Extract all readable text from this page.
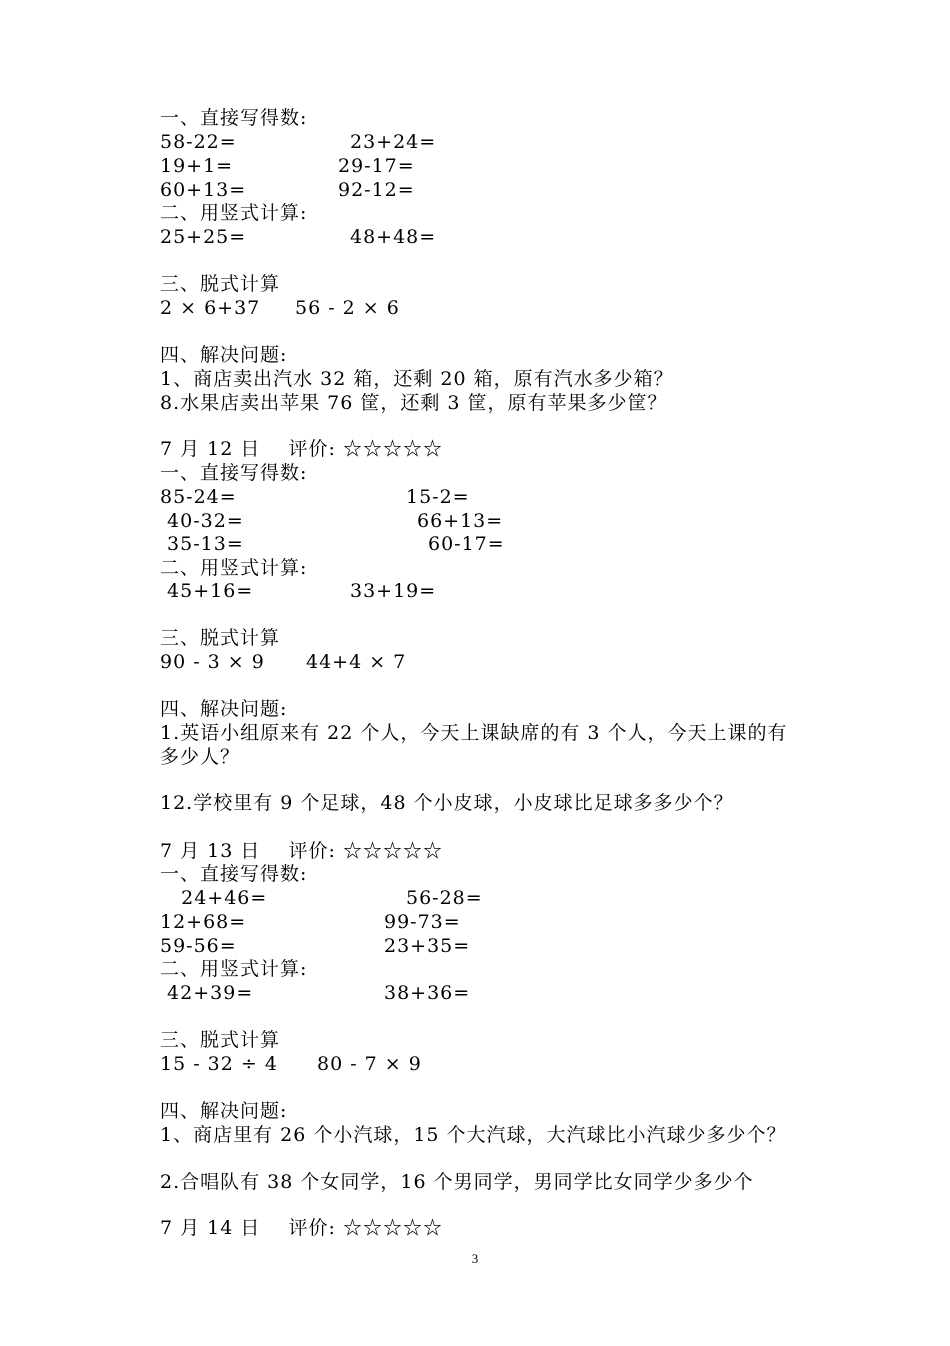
一、直接写得数:
58-22=	23+24=
19+1=	29-17=
60+13=	92-12=
二、用竖式计算:
25+25=	48+48=
三、脱式计算
2 × 6+37 56 - 2 × 6
四、解决问题:
1、商店卖出汽水 32 箱，还剩 20 箱，原有汽水多少箱？
8.水果店卖出苹果 76 筐，还剩 3 筐，原有苹果多少筐？
7 月 12 日    评价: ☆☆☆☆☆
一、直接写得数:
85-24=	15-2=
40-32=	66+13=
35-13=	60-17=
二、用竖式计算:
45+16=	33+19=
三、脱式计算
90 - 3 × 9 44+4 × 7
四、解决问题:
1.英语小组原来有 22 个人，今天上课缺席的有 3 个人，今天上课的有
多少人？
12.学校里有 9 个足球，48 个小皮球，小皮球比足球多多少个？
7 月 13 日    评价: ☆☆☆☆☆
一、直接写得数:
24+46=	56-28=
12+68=	99-73=
59-56=	23+35=
二、用竖式计算:
42+39=	38+36=
三、脱式计算
15 - 32 ÷ 4 80 - 7 × 9
四、解决问题:
1、商店里有 26 个小汽球，15 个大汽球，大汽球比小汽球少多少个？
2.合唱队有 38 个女同学，16 个男同学，男同学比女同学少多少个
7 月 14 日    评价: ☆☆☆☆☆
3
